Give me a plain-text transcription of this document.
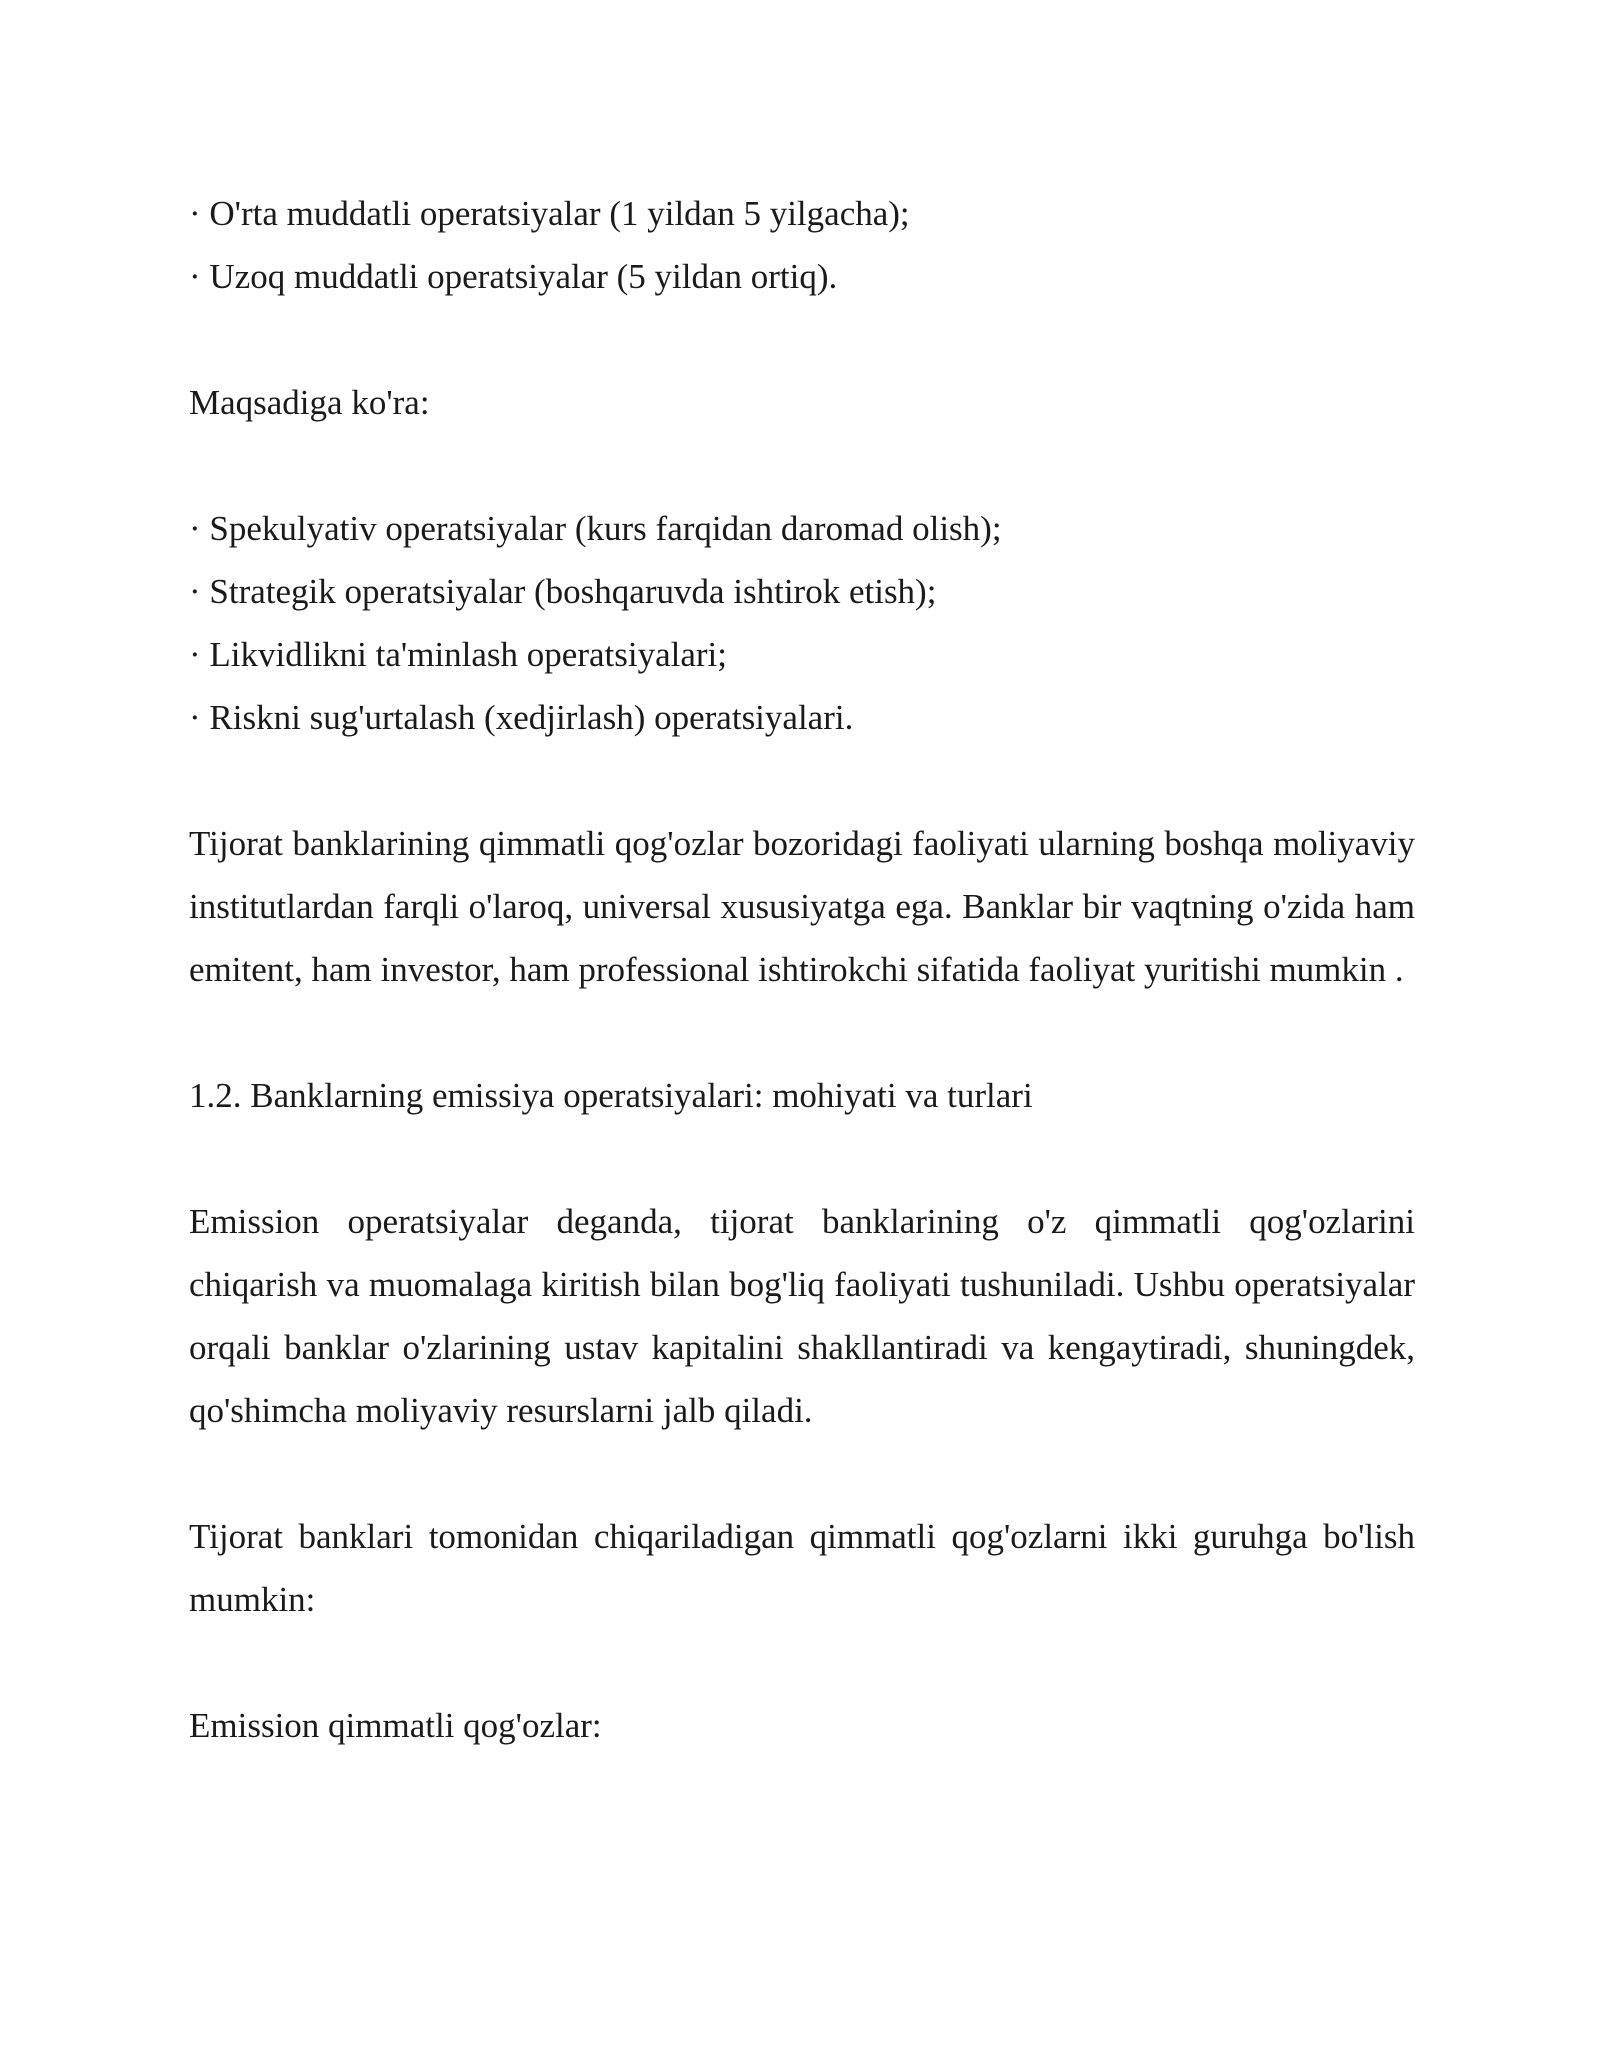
· O'rta muddatli operatsiyalar (1 yildan 5 yilgacha);
· Uzoq muddatli operatsiyalar (5 yildan ortiq).

Maqsadiga ko'ra:

· Spekulyativ operatsiyalar (kurs farqidan daromad olish);
· Strategik operatsiyalar (boshqaruvda ishtirok etish);
· Likvidlikni ta'minlash operatsiyalari;
· Riskni sug'urtalash (xedjirlash) operatsiyalari.

Tijorat banklarining qimmatli qog'ozlar bozoridagi faoliyati ularning boshqa moliyaviy institutlardan farqli o'laroq, universal xususiyatga ega. Banklar bir vaqtning o'zida ham emitent, ham investor, ham professional ishtirokchi sifatida faoliyat yuritishi mumkin .

1.2. Banklarning emissiya operatsiyalari: mohiyati va turlari

Emission operatsiyalar deganda, tijorat banklarining o'z qimmatli qog'ozlarini chiqarish va muomalaga kiritish bilan bog'liq faoliyati tushuniladi. Ushbu operatsiyalar orqali banklar o'zlarining ustav kapitalini shakllantiradi va kengaytiradi, shuningdek, qo'shimcha moliyaviy resurslarni jalb qiladi.

Tijorat banklari tomonidan chiqariladigan qimmatli qog'ozlarni ikki guruhga bo'lish mumkin:

Emission qimmatli qog'ozlar:
